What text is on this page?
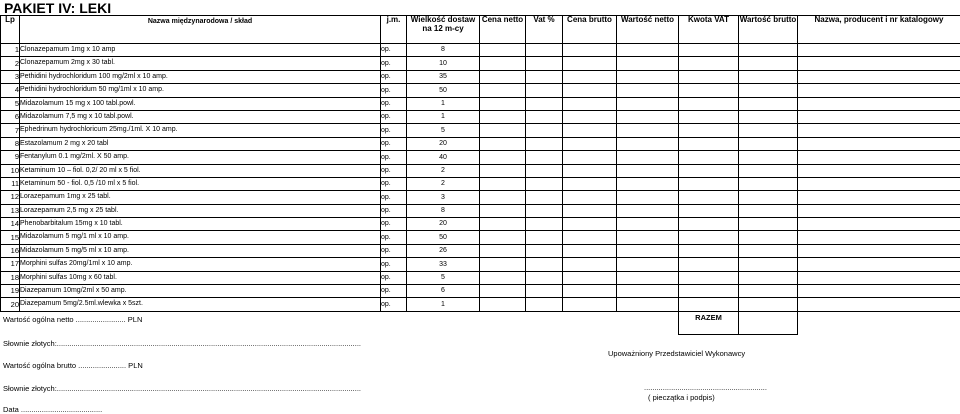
PAKIET IV: LEKI
Lp	Nazwa międzynarodowa / skład	j.m.	Wielkość dostaw na 12 m-cy	Cena netto	Vat %	Cena brutto	Wartość netto	Kwota VAT	Wartość brutto	Nazwa, producent i nr katalogowy
1	Clonazepamum 1mg x 10 amp	op.	8							
2	Clonazepamum 2mg x 30 tabl.	op.	10							
3	Pethidini hydrochloridum 100 mg/2ml x 10 amp.	op.	35							
4	Pethidini hydrochloridum 50 mg/1ml x 10 amp.	op.	50							
5	Midazolamum 15 mg x 100 tabl.powl.	op.	1							
6	Midazolamum 7,5 mg x 10 tabl.powl.	op.	1							
7	Ephedrinum hydrochloricum 25mg./1ml. X 10 amp.	op.	5							
8	Estazolamum 2 mg x 20 tabl	op.	20							
9	Fentanylum 0.1 mg/2ml. X 50 amp.	op.	40							
10	Ketaminum 10 – fiol. 0,2/ 20 ml x 5 fiol.	op.	2							
11	Ketaminum 50 - fiol. 0,5 /10 ml x 5 fiol.	op.	2							
12	Lorazepamum 1mg x 25 tabl.	op.	3							
13	Lorazepamum 2,5 mg x 25 tabl.	op.	8							
14	Phenobarbitalum 15mg x 10 tabl.	op.	20							
15	Midazolamum 5 mg/1 ml x 10 amp.	op.	50							
16	Midazolamum 5 mg/5 ml x 10 amp.	op.	26							
17	Morphini sulfas 20mg/1ml x 10 amp.	op.	33							
18	Morphini sulfas 10mg x 60 tabl.	op.	5							
19	Diazepamum 10mg/2ml x 50 amp.	op.	6							
20	Diazepamum 5mg/2.5ml.wlewka x 5szt.	op.	1							
								RAZEM		
Wartość ogólna netto ........................ PLN
Słownie złotych:..................................................................................................................................................
Wartość ogólna brutto ....................... PLN
Słownie złotych:..................................................................................................................................................
Data .......................................
Upoważniony Przedstawiciel Wykonawcy
...........................................................
( pieczątka i podpis)
